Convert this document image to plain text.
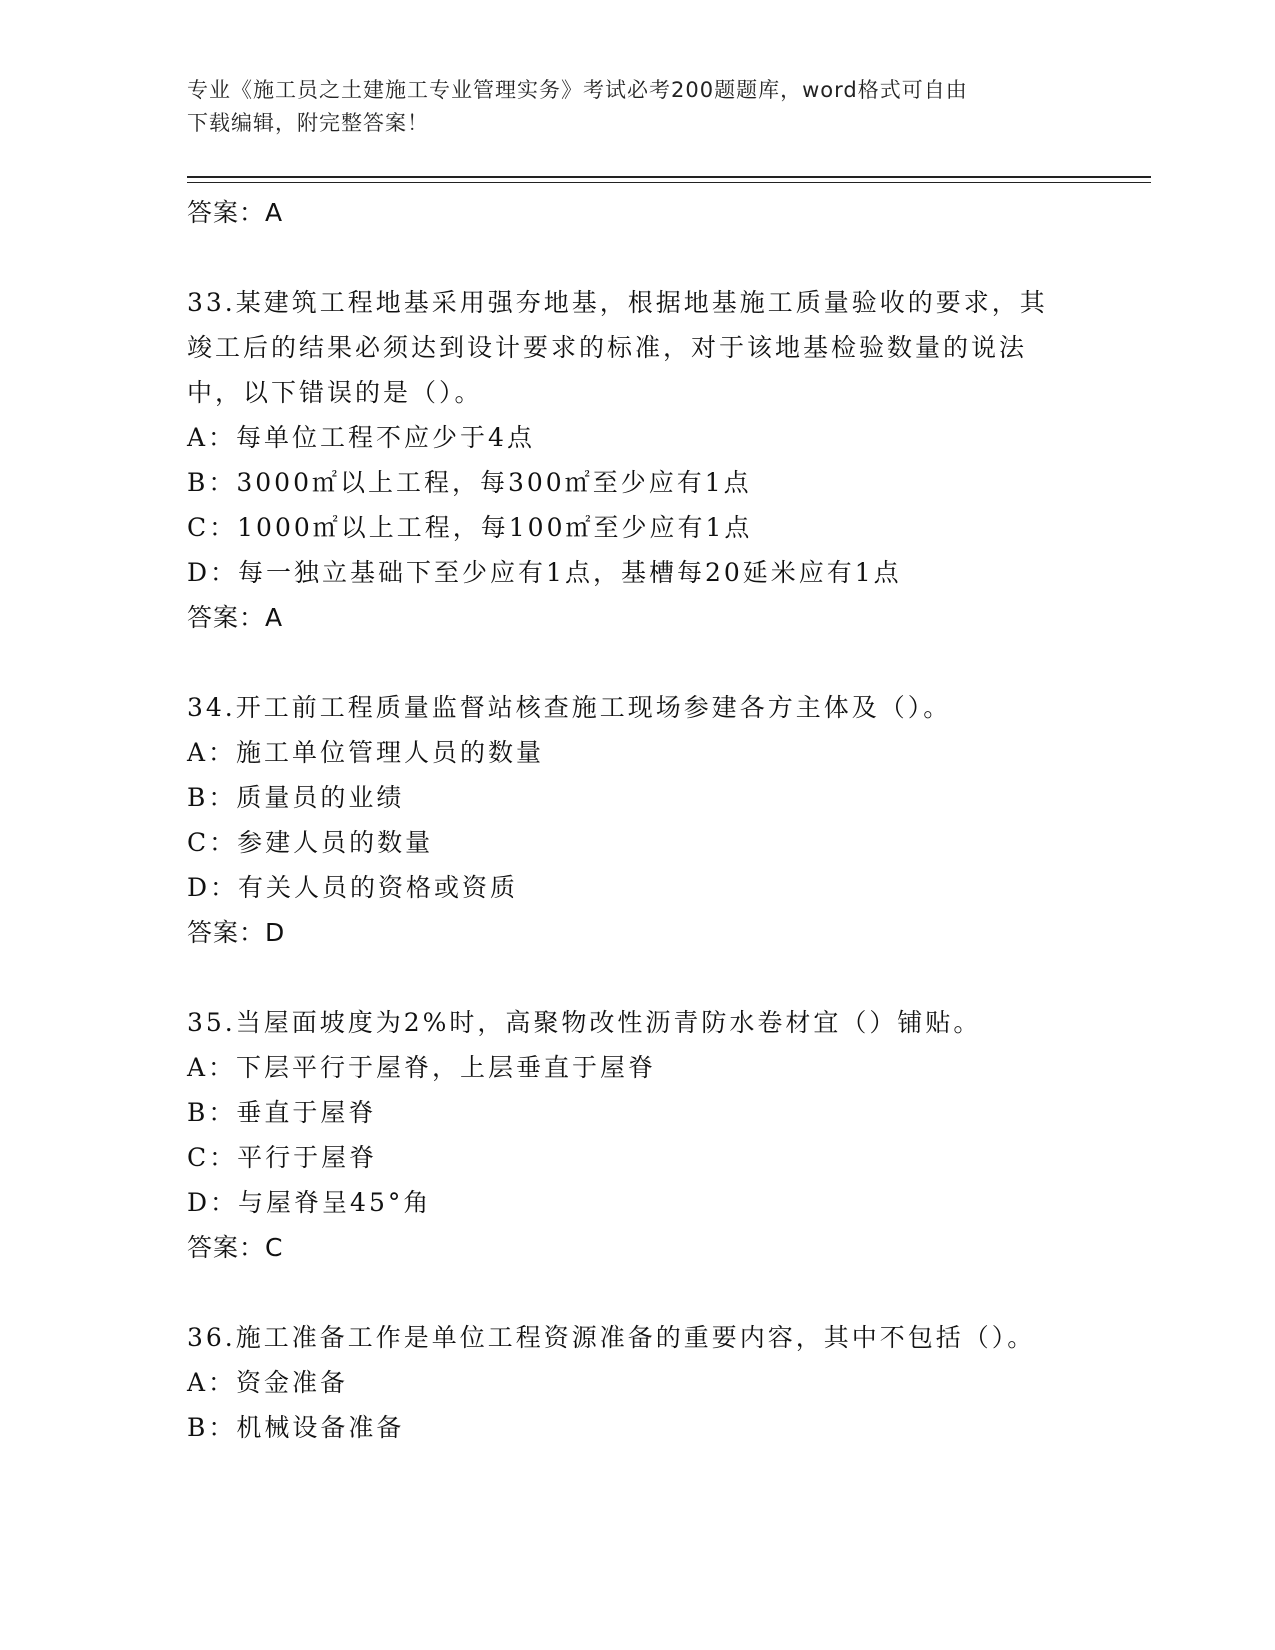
专业《施工员之土建施工专业管理实务》考试必考200题题库，word格式可自由
下载编辑，附完整答案！
答案：A
33.某建筑工程地基采用强夯地基，根据地基施工质量验收的要求，其
竣工后的结果必须达到设计要求的标准，对于该地基检验数量的说法
中，以下错误的是（）。
A：每单位工程不应少于4点
B：3000㎡以上工程，每300㎡至少应有1点
C：1000㎡以上工程，每100㎡至少应有1点
D：每一独立基础下至少应有1点，基槽每20延米应有1点
答案：A
34.开工前工程质量监督站核查施工现场参建各方主体及（）。
A：施工单位管理人员的数量
B：质量员的业绩
C：参建人员的数量
D：有关人员的资格或资质
答案：D
35.当屋面坡度为2%时，高聚物改性沥青防水卷材宜（）铺贴。
A：下层平行于屋脊，上层垂直于屋脊
B：垂直于屋脊
C：平行于屋脊
D：与屋脊呈45°角
答案：C
36.施工准备工作是单位工程资源准备的重要内容，其中不包括（）。
A：资金准备
B：机械设备准备
